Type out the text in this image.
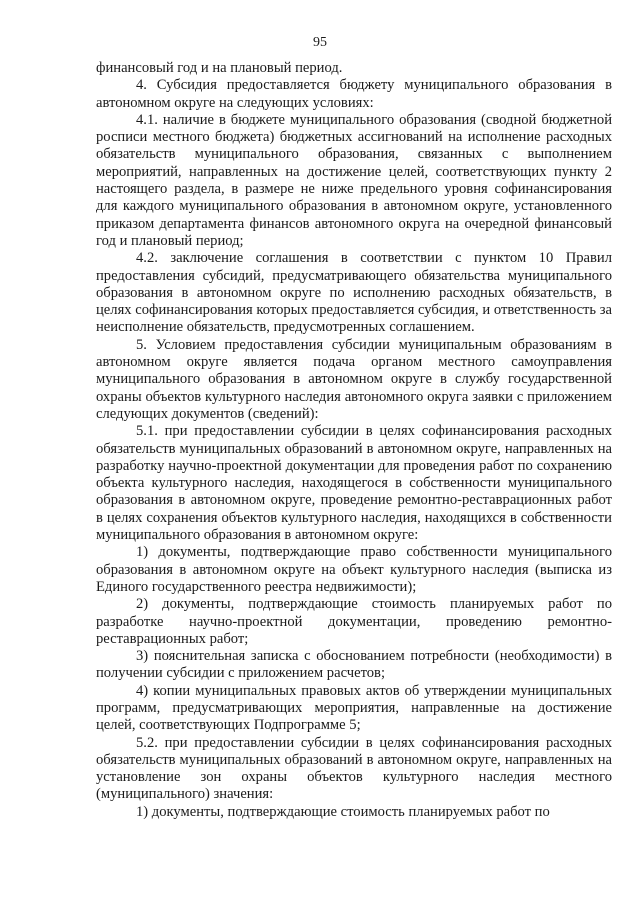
95

финансовый год и на плановый период.

4. Субсидия предоставляется бюджету муниципального образования в автономном округе на следующих условиях:

4.1. наличие в бюджете муниципального образования (сводной бюджетной росписи местного бюджета) бюджетных ассигнований на исполнение расходных обязательств муниципального образования, связанных с выполнением мероприятий, направленных на достижение целей, соответствующих пункту 2 настоящего раздела, в размере не ниже предельного уровня софинансирования для каждого муниципального образования в автономном округе, установленного приказом департамента финансов автономного округа на очередной финансовый год и плановый период;

4.2. заключение соглашения в соответствии с пунктом 10 Правил предоставления субсидий, предусматривающего обязательства муниципального образования в автономном округе по исполнению расходных обязательств, в целях софинансирования которых предоставляется субсидия, и ответственность за неисполнение обязательств, предусмотренных соглашением.

5. Условием предоставления субсидии муниципальным образованиям в автономном округе является подача органом местного самоуправления муниципального образования в автономном округе в службу государственной охраны объектов культурного наследия автономного округа заявки с приложением следующих документов (сведений):

5.1. при предоставлении субсидии в целях софинансирования расходных обязательств муниципальных образований в автономном округе, направленных на разработку научно-проектной документации для проведения работ по сохранению объекта культурного наследия, находящегося в собственности муниципального образования в автономном округе, проведение ремонтно-реставрационных работ в целях сохранения объектов культурного наследия, находящихся в собственности муниципального образования в автономном округе:

1) документы, подтверждающие право собственности муниципального образования в автономном округе на объект культурного наследия (выписка из Единого государственного реестра недвижимости);

2) документы, подтверждающие стоимость планируемых работ по разработке научно-проектной документации, проведению ремонтно-реставрационных работ;

3) пояснительная записка с обоснованием потребности (необходимости) в получении субсидии с приложением расчетов;

4) копии муниципальных правовых актов об утверждении муниципальных программ, предусматривающих мероприятия, направленные на достижение целей, соответствующих Подпрограмме 5;

5.2. при предоставлении субсидии в целях софинансирования расходных обязательств муниципальных образований в автономном округе, направленных на установление зон охраны объектов культурного наследия местного (муниципального) значения:

1) документы, подтверждающие стоимость планируемых работ по
